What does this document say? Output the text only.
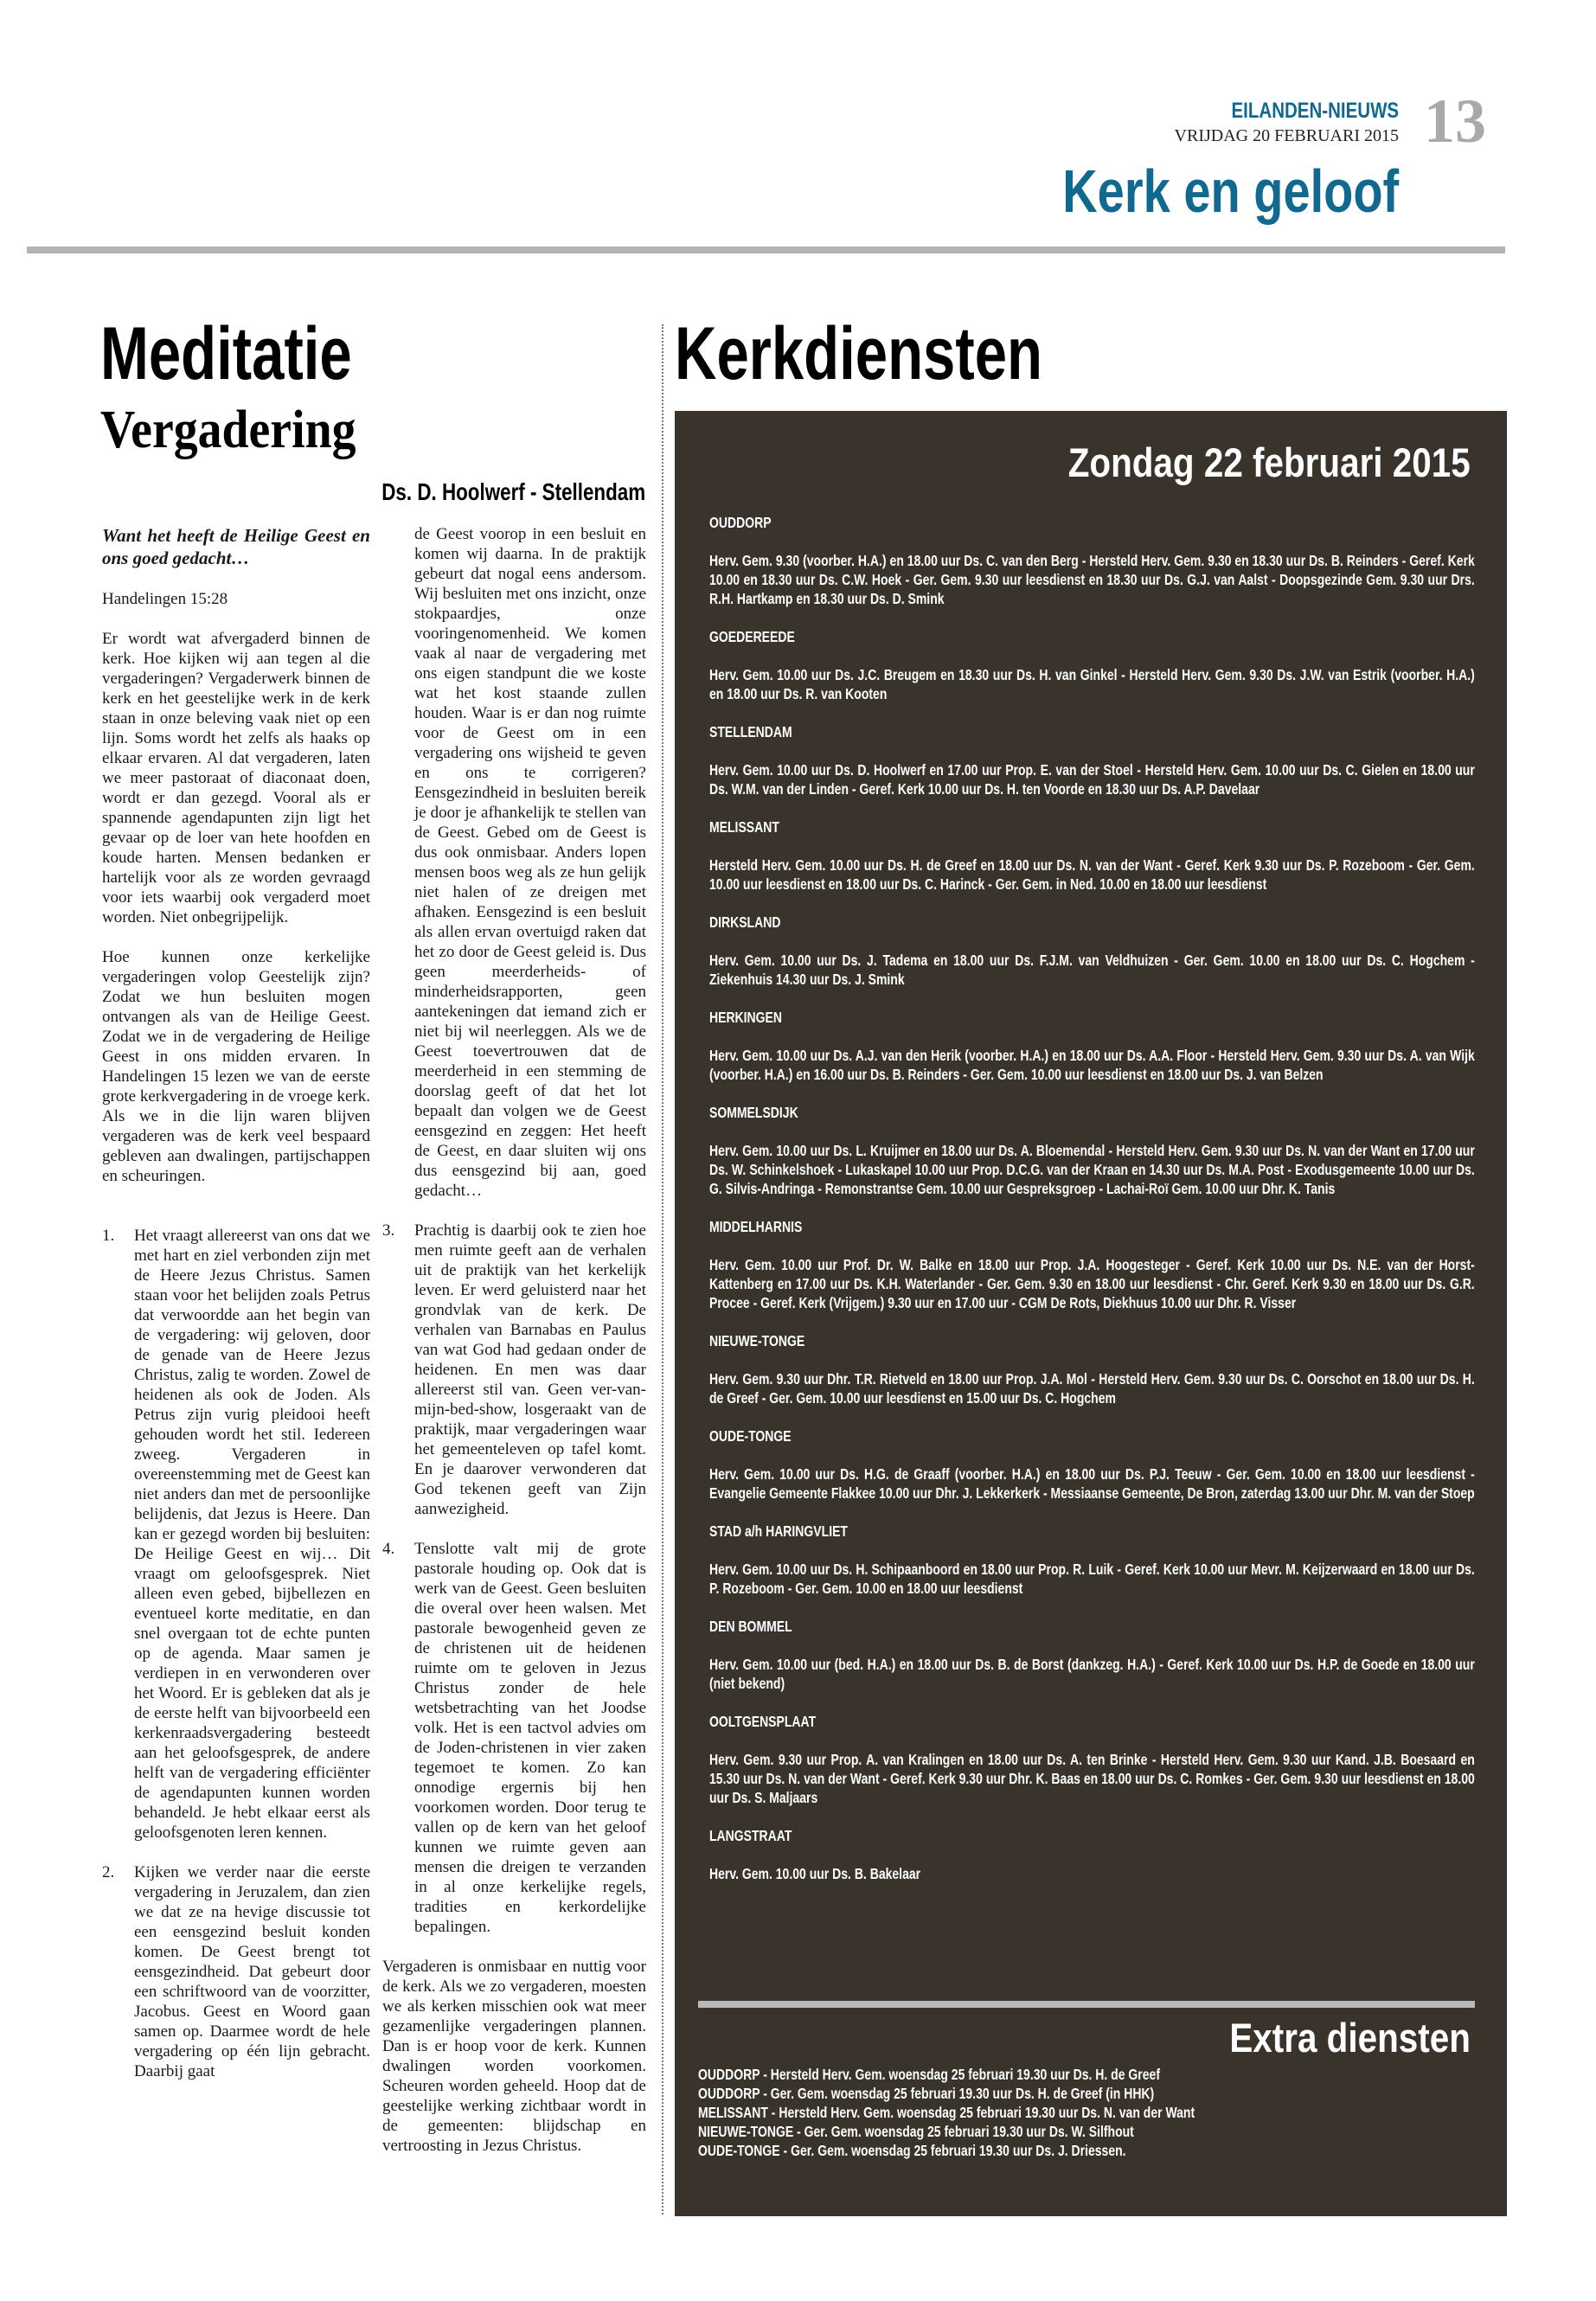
EILANDEN-NIEUWS
VRIJDAG 20 FEBRUARI 2015 13
Kerk en geloof
Meditatie
Vergadering
Ds. D. Hoolwerf - Stellendam

Want het heeft de Heilige Geest en ons goed gedacht…

Handelingen 15:28

Er wordt wat afvergaderd binnen de kerk. Hoe kijken wij aan tegen al die vergaderingen? Vergaderwerk binnen de kerk en het geestelijke werk in de kerk staan in onze beleving vaak niet op een lijn. Soms wordt het zelfs als haaks op elkaar ervaren. Al dat vergaderen, laten we meer pastoraat of diaconaat doen, wordt er dan gezegd. Vooral als er spannende agendapunten zijn ligt het gevaar op de loer van hete hoofden en koude harten. Mensen bedanken er hartelijk voor als ze worden gevraagd voor iets waarbij ook vergaderd moet worden. Niet onbegrijpelijk.

Hoe kunnen onze kerkelijke vergaderingen volop Geestelijk zijn? Zodat we hun besluiten mogen ontvangen als van de Heilige Geest. Zodat we in de vergadering de Heilige Geest in ons midden ervaren. In Handelingen 15 lezen we van de eerste grote kerkvergadering in de vroege kerk. Als we in die lijn waren blijven vergaderen was de kerk veel bespaard gebleven aan dwalingen, partijschappen en scheuringen.

1. Het vraagt allereerst van ons dat we met hart en ziel verbonden zijn met de Heere Jezus Christus. Samen staan voor het belijden zoals Petrus dat verwoordde aan het begin van de vergadering: wij geloven, door de genade van de Heere Jezus Christus, zalig te worden. Zowel de heidenen als ook de Joden. Als Petrus zijn vurig pleidooi heeft gehouden wordt het stil. Iedereen zweeg. Vergaderen in overeenstemming met de Geest kan niet anders dan met de persoonlijke belijdenis, dat Jezus is Heere. Dan kan er gezegd worden bij besluiten: De Heilige Geest en wij… Dit vraagt om geloofsgesprek. Niet alleen even gebed, bijbellezen en eventueel korte meditatie, en dan snel overgaan tot de echte punten op de agenda. Maar samen je verdiepen in en verwonderen over het Woord. Er is gebleken dat als je de eerste helft van bijvoorbeeld een kerkenraadsvergadering besteedt aan het geloofsgesprek, de andere helft van de vergadering efficiënter de agendapunten kunnen worden behandeld. Je hebt elkaar eerst als geloofsgenoten leren kennen.
2. Kijken we verder naar die eerste vergadering in Jeruzalem, dan zien we dat ze na hevige discussie tot een eensgezind besluit konden komen. De Geest brengt tot eensgezindheid. Dat gebeurt door een schriftwoord van de voorzitter, Jacobus. Geest en Woord gaan samen op. Daarmee wordt de hele vergadering op één lijn gebracht. Daarbij gaat
de Geest voorop in een besluit en komen wij daarna. In de praktijk gebeurt dat nogal eens andersom. Wij besluiten met ons inzicht, onze stokpaardjes, onze vooringenomenheid. We komen vaak al naar de vergadering met ons eigen standpunt die we koste wat het kost staande zullen houden. Waar is er dan nog ruimte voor de Geest om in een vergadering ons wijsheid te geven en ons te corrigeren? Eensgezindheid in besluiten bereik je door je afhankelijk te stellen van de Geest. Gebed om de Geest is dus ook onmisbaar. Anders lopen mensen boos weg als ze hun gelijk niet halen of ze dreigen met afhaken. Eensgezind is een besluit als allen ervan overtuigd raken dat het zo door de Geest geleid is. Dus geen meerderheids- of minderheidsrapporten, geen aantekeningen dat iemand zich er niet bij wil neerleggen. Als we de Geest toevertrouwen dat de meerderheid in een stemming de doorslag geeft of dat het lot bepaalt dan volgen we de Geest eensgezind en zeggen: Het heeft de Geest, en daar sluiten wij ons dus eensgezind bij aan, goed gedacht…
3. Prachtig is daarbij ook te zien hoe men ruimte geeft aan de verhalen uit de praktijk van het kerkelijk leven. Er werd geluisterd naar het grondvlak van de kerk. De verhalen van Barnabas en Paulus van wat God had gedaan onder de heidenen. En men was daar allereerst stil van. Geen ver-van-mijn-bed-show, losgeraakt van de praktijk, maar vergaderingen waar het gemeenteleven op tafel komt. En je daarover verwonderen dat God tekenen geeft van Zijn aanwezigheid.
4. Tenslotte valt mij de grote pastorale houding op. Ook dat is werk van de Geest. Geen besluiten die overal over heen walsen. Met pastorale bewogenheid geven ze de christenen uit de heidenen ruimte om te geloven in Jezus Christus zonder de hele wetsbetrachting van het Joodse volk. Het is een tactvol advies om de Joden-christenen in vier zaken tegemoet te komen. Zo kan onnodige ergernis bij hen voorkomen worden. Door terug te vallen op de kern van het geloof kunnen we ruimte geven aan mensen die dreigen te verzanden in al onze kerkelijke regels, tradities en kerkordelijke bepalingen.

Vergaderen is onmisbaar en nuttig voor de kerk. Als we zo vergaderen, moesten we als kerken misschien ook wat meer gezamenlijke vergaderingen plannen. Dan is er hoop voor de kerk. Kunnen dwalingen worden voorkomen. Scheuren worden geheeld. Hoop dat de geestelijke werking zichtbaar wordt in de gemeenten: blijdschap en vertroosting in Jezus Christus.

Kerkdiensten
Zondag 22 februari 2015
OUDDORP
Herv. Gem. 9.30 (voorber. H.A.) en 18.00 uur Ds. C. van den Berg - Hersteld Herv. Gem. 9.30 en 18.30 uur Ds. B. Reinders - Geref. Kerk 10.00 en 18.30 uur Ds. C.W. Hoek - Ger. Gem. 9.30 uur leesdienst en 18.30 uur Ds. G.J. van Aalst - Doopsgezinde Gem. 9.30 uur Drs. R.H. Hartkamp en 18.30 uur Ds. D. Smink
GOEDEREEDE
Herv. Gem. 10.00 uur Ds. J.C. Breugem en 18.30 uur Ds. H. van Ginkel - Hersteld Herv. Gem. 9.30 Ds. J.W. van Estrik (voorber. H.A.) en 18.00 uur Ds. R. van Kooten
STELLENDAM
Herv. Gem. 10.00 uur Ds. D. Hoolwerf en 17.00 uur Prop. E. van der Stoel - Hersteld Herv. Gem. 10.00 uur Ds. C. Gielen en 18.00 uur Ds. W.M. van der Linden - Geref. Kerk 10.00 uur Ds. H. ten Voorde en 18.30 uur Ds. A.P. Davelaar
MELISSANT
Hersteld Herv. Gem. 10.00 uur Ds. H. de Greef en 18.00 uur Ds. N. van der Want - Geref. Kerk 9.30 uur Ds. P. Rozeboom - Ger. Gem. 10.00 uur leesdienst en 18.00 uur Ds. C. Harinck - Ger. Gem. in Ned. 10.00 en 18.00 uur leesdienst
DIRKSLAND
Herv. Gem. 10.00 uur Ds. J. Tadema en 18.00 uur Ds. F.J.M. van Veldhuizen - Ger. Gem. 10.00 en 18.00 uur Ds. C. Hogchem - Ziekenhuis 14.30 uur Ds. J. Smink
HERKINGEN
Herv. Gem. 10.00 uur Ds. A.J. van den Herik (voorber. H.A.) en 18.00 uur Ds. A.A. Floor - Hersteld Herv. Gem. 9.30 uur Ds. A. van Wijk (voorber. H.A.) en 16.00 uur Ds. B. Reinders - Ger. Gem. 10.00 uur leesdienst en 18.00 uur Ds. J. van Belzen
SOMMELSDIJK
Herv. Gem. 10.00 uur Ds. L. Kruijmer en 18.00 uur Ds. A. Bloemendal - Hersteld Herv. Gem. 9.30 uur Ds. N. van der Want en 17.00 uur Ds. W. Schinkelshoek - Lukaskapel 10.00 uur Prop. D.C.G. van der Kraan en 14.30 uur Ds. M.A. Post - Exodusgemeente 10.00 uur Ds. G. Silvis-Andringa - Remonstrantse Gem. 10.00 uur Gespreksgroep - Lachai-Roï Gem. 10.00 uur Dhr. K. Tanis
MIDDELHARNIS
Herv. Gem. 10.00 uur Prof. Dr. W. Balke en 18.00 uur Prop. J.A. Hoogesteger - Geref. Kerk 10.00 uur Ds. N.E. van der Horst-Kattenberg en 17.00 uur Ds. K.H. Waterlander - Ger. Gem. 9.30 en 18.00 uur leesdienst - Chr. Geref. Kerk 9.30 en 18.00 uur Ds. G.R. Procee - Geref. Kerk (Vrijgem.) 9.30 uur en 17.00 uur - CGM De Rots, Diekhuus 10.00 uur Dhr. R. Visser
NIEUWE-TONGE
Herv. Gem. 9.30 uur Dhr. T.R. Rietveld en 18.00 uur Prop. J.A. Mol - Hersteld Herv. Gem. 9.30 uur Ds. C. Oorschot en 18.00 uur Ds. H. de Greef - Ger. Gem. 10.00 uur leesdienst en 15.00 uur Ds. C. Hogchem
OUDE-TONGE
Herv. Gem. 10.00 uur Ds. H.G. de Graaff (voorber. H.A.) en 18.00 uur Ds. P.J. Teeuw - Ger. Gem. 10.00 en 18.00 uur leesdienst - Evangelie Gemeente Flakkee 10.00 uur Dhr. J. Lekkerkerk - Messiaanse Gemeente, De Bron, zaterdag 13.00 uur Dhr. M. van der Stoep
STAD a/h HARINGVLIET
Herv. Gem. 10.00 uur Ds. H. Schipaanboord en 18.00 uur Prop. R. Luik - Geref. Kerk 10.00 uur Mevr. M. Keijzerwaard en 18.00 uur Ds. P. Rozeboom - Ger. Gem. 10.00 en 18.00 uur leesdienst
DEN BOMMEL
Herv. Gem. 10.00 uur (bed. H.A.) en 18.00 uur Ds. B. de Borst (dankzeg. H.A.) - Geref. Kerk 10.00 uur Ds. H.P. de Goede en 18.00 uur (niet bekend)
OOLTGENSPLAAT
Herv. Gem. 9.30 uur Prop. A. van Kralingen en 18.00 uur Ds. A. ten Brinke - Hersteld Herv. Gem. 9.30 uur Kand. J.B. Boesaard en 15.30 uur Ds. N. van der Want - Geref. Kerk 9.30 uur Dhr. K. Baas en 18.00 uur Ds. C. Romkes - Ger. Gem. 9.30 uur leesdienst en 18.00 uur Ds. S. Maljaars
LANGSTRAAT
Herv. Gem. 10.00 uur Ds. B. Bakelaar
Extra diensten
OUDDORP - Hersteld Herv. Gem. woensdag 25 februari 19.30 uur Ds. H. de Greef
OUDDORP - Ger. Gem. woensdag 25 februari 19.30 uur Ds. H. de Greef (in HHK)
MELISSANT - Hersteld Herv. Gem. woensdag 25 februari 19.30 uur Ds. N. van der Want
NIEUWE-TONGE - Ger. Gem. woensdag 25 februari 19.30 uur Ds. W. Silfhout
OUDE-TONGE - Ger. Gem. woensdag 25 februari 19.30 uur Ds. J. Driessen.
